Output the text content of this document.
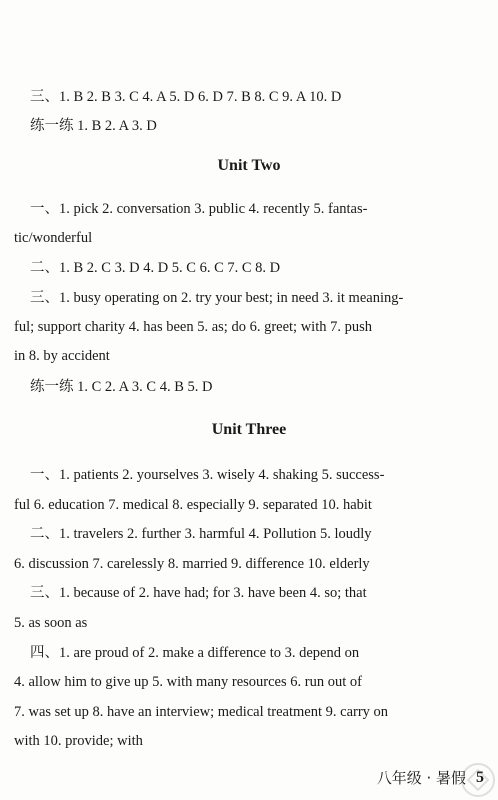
三、1. B 2. B 3. C 4. A 5. D 6. D 7. B 8. C 9. A 10. D
练一练 1. B 2. A 3. D
Unit Two
一、1. pick 2. conversation 3. public 4. recently 5. fantas-
tic/wonderful
二、1. B 2. C 3. D 4. D 5. C 6. C 7. C 8. D
三、1. busy operating on 2. try your best; in need 3. it meaning-
ful; support charity 4. has been 5. as; do 6. greet; with 7. push
in 8. by accident
练一练 1. C 2. A 3. C 4. B 5. D
Unit Three
一、1. patients 2. yourselves 3. wisely 4. shaking 5. success-
ful 6. education 7. medical 8. especially 9. separated 10. habit
二、1. travelers 2. further 3. harmful 4. Pollution 5. loudly
6. discussion 7. carelessly 8. married 9. difference 10. elderly
三、1. because of 2. have had; for 3. have been 4. so; that
5. as soon as
四、1. are proud of 2. make a difference to 3. depend on
4. allow him to give up 5. with many resources 6. run out of
7. was set up 8. have an interview; medical treatment 9. carry on
with 10. provide; with
八年级 · 暑假 5
